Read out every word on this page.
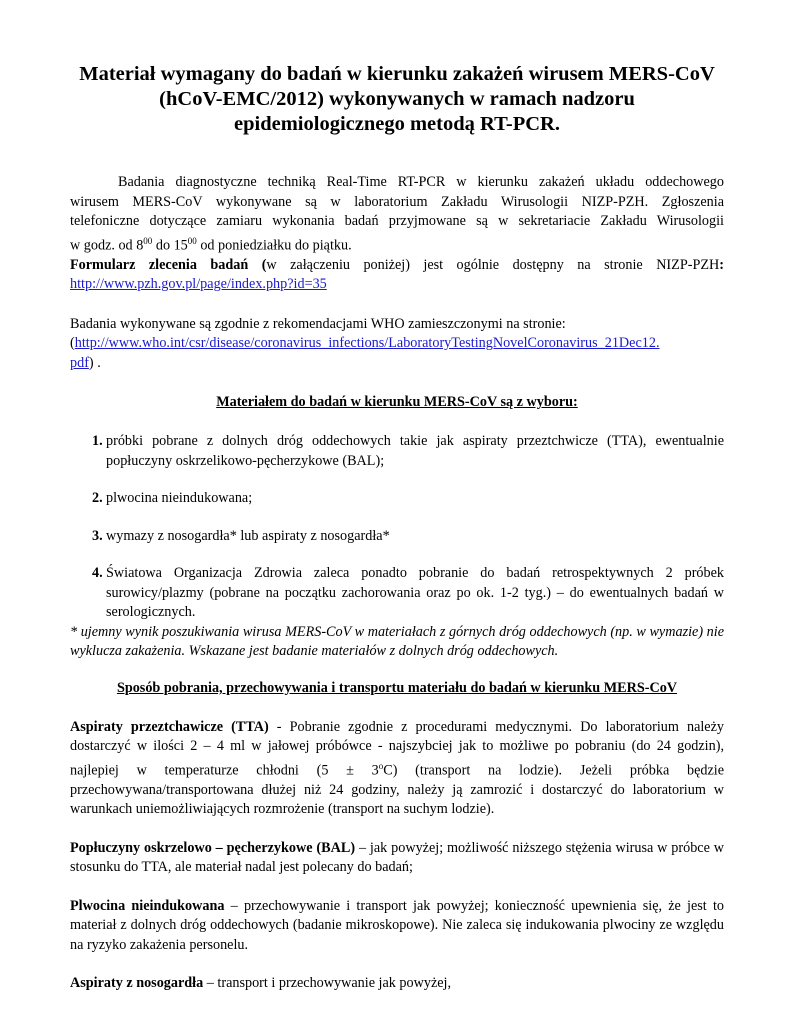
Materiał wymagany do badań w kierunku zakażeń wirusem MERS-CoV
(hCoV-EMC/2012) wykonywanych w ramach nadzoru
epidemiologicznego metodą RT-PCR.

Badania diagnostyczne techniką Real-Time RT-PCR w kierunku zakażeń układu oddechowego

wirusem MERS-CoV wykonywane są w laboratorium Zakładu Wirusologii NIZP-PZH. Zgłoszenia

telefoniczne dotyczące zamiaru wykonania badań przyjmowane są w sekretariacie Zakładu Wirusologii

w godz. od $8^{00}$ do $15^{00}$ od poniedziałku do piątku.

Formularz zlecenia badań (w załączeniu poniżej) jest ogólnie dostępny na stronie NIZP-PZH:

http://www.pzh.gov.pl/page/index.php?id=35

Badania wykonywane są zgodnie z rekomendacjami WHO zamieszczonymi na stronie:

(http://www.who.int/csr/disease/coronavirus_infections/LaboratoryTestingNovelCoronavirus_21Dec12.

pdf) .

Materiałem do badań w kierunku MERS-CoV są z wyboru:

1. próbki pobrane z dolnych dróg oddechowych takie jak aspiraty przeztchwicze (TTA), ewentualnie popłuczyny oskrzelikowo-pęcherzykowe (BAL);
2. plwocina nieindukowana;
3. wymazy z nosogardła* lub aspiraty z nosogardła*
4. Światowa Organizacja Zdrowia zaleca ponadto pobranie do badań retrospektywnych 2 próbek surowicy/plazmy (pobrane na początku zachorowania oraz po ok. 1-2 tyg.) – do ewentualnych badań w serologicznych.

* ujemny wynik poszukiwania wirusa MERS-CoV w materiałach z górnych dróg oddechowych (np. w wymazie) nie wyklucza zakażenia. Wskazane jest badanie materiałów z dolnych dróg oddechowych.

Sposób pobrania, przechowywania i transportu materiału do badań w kierunku MERS-CoV

Aspiraty przeztchawicze (TTA) - Pobranie zgodnie z procedurami medycznymi. Do laboratorium należy dostarczyć w ilości 2 – 4 ml w jałowej próbówce - najszybciej jak to możliwe po pobraniu (do 24 godzin), najlepiej w temperaturze chłodni $(5 \pm 3^oC)$ (transport na lodzie). Jeżeli próbka będzie przechowywana/transportowana dłużej niż 24 godziny, należy ją zamrozić i dostarczyć do laboratorium w warunkach uniemożliwiających rozmrożenie (transport na suchym lodzie).

Popłuczyny oskrzelowo – pęcherzykowe (BAL) – jak powyżej; możliwość niższego stężenia wirusa w próbce w stosunku do TTA, ale materiał nadal jest polecany do badań;

Plwocina nieindukowana – przechowywanie i transport jak powyżej; konieczność upewnienia się, że jest to materiał z dolnych dróg oddechowych (badanie mikroskopowe). Nie zaleca się indukowania plwociny ze względu na ryzyko zakażenia personelu.

Aspiraty z nosogardła – transport i przechowywanie jak powyżej,
